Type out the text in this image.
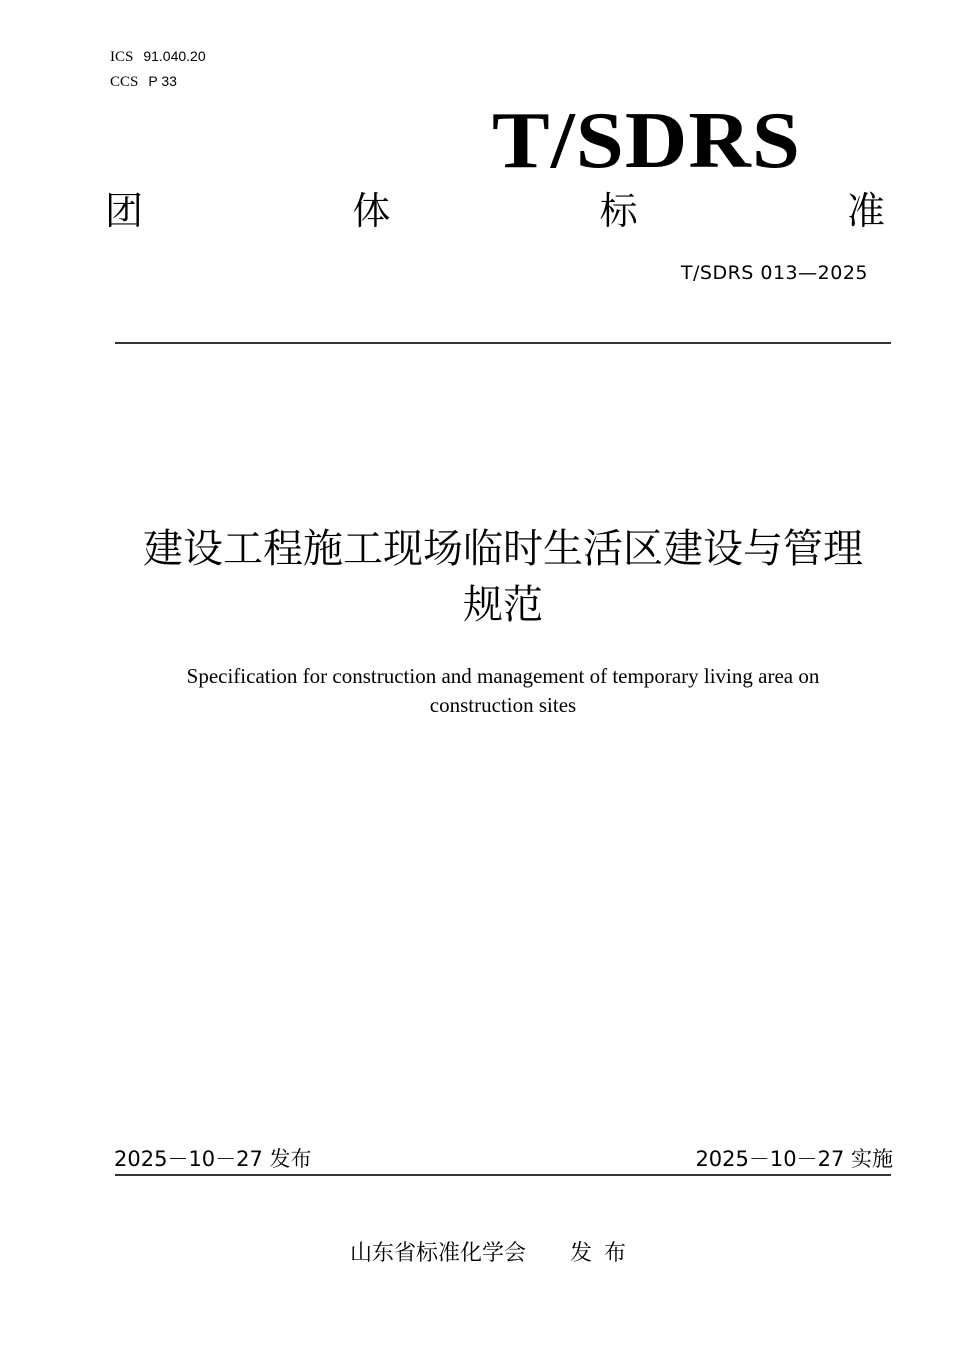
ICS 91.040.20
CCS P 33
T/SDRS
团	体	标	准
T/SDRS 013—2025
建设工程施工现场临时生活区建设与管理
规范
Specification for construction and management of temporary living area on
construction sites
2025－10－27 发布	2025－10－27 实施
山东省标准化学会 发布
